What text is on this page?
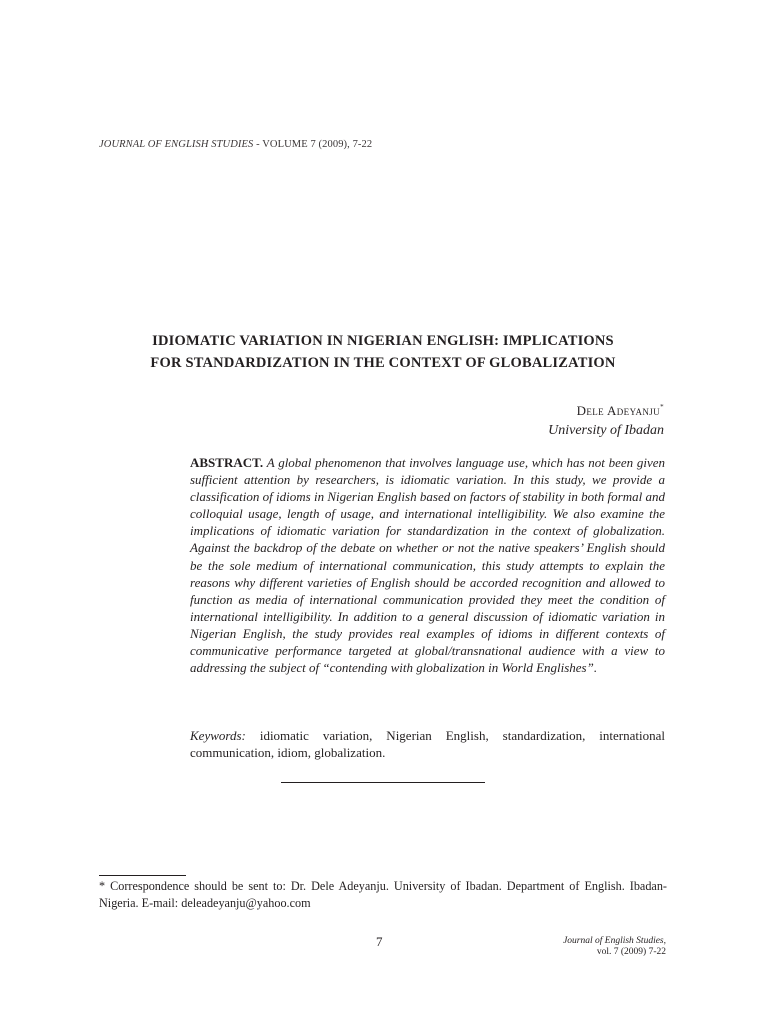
JOURNAL OF ENGLISH STUDIES - VOLUME 7 (2009), 7-22
IDIOMATIC VARIATION IN NIGERIAN ENGLISH: IMPLICATIONS
FOR STANDARDIZATION IN THE CONTEXT OF GLOBALIZATION
Dele Adeyanju*
University of Ibadan
ABSTRACT. A global phenomenon that involves language use, which has not been given sufficient attention by researchers, is idiomatic variation. In this study, we provide a classification of idioms in Nigerian English based on factors of stability in both formal and colloquial usage, length of usage, and international intelligibility. We also examine the implications of idiomatic variation for standardization in the context of globalization. Against the backdrop of the debate on whether or not the native speakers’ English should be the sole medium of international communication, this study attempts to explain the reasons why different varieties of English should be accorded recognition and allowed to function as media of international communication provided they meet the condition of international intelligibility. In addition to a general discussion of idiomatic variation in Nigerian English, the study provides real examples of idioms in different contexts of communicative performance targeted at global/transnational audience with a view to addressing the subject of “contending with globalization in World Englishes”.
Keywords: idiomatic variation, Nigerian English, standardization, international communication, idiom, globalization.
* Correspondence should be sent to: Dr. Dele Adeyanju. University of Ibadan. Department of English. Ibadan-Nigeria. E-mail: deleadeyanju@yahoo.com
7	Journal of English Studies,
vol. 7 (2009) 7-22
